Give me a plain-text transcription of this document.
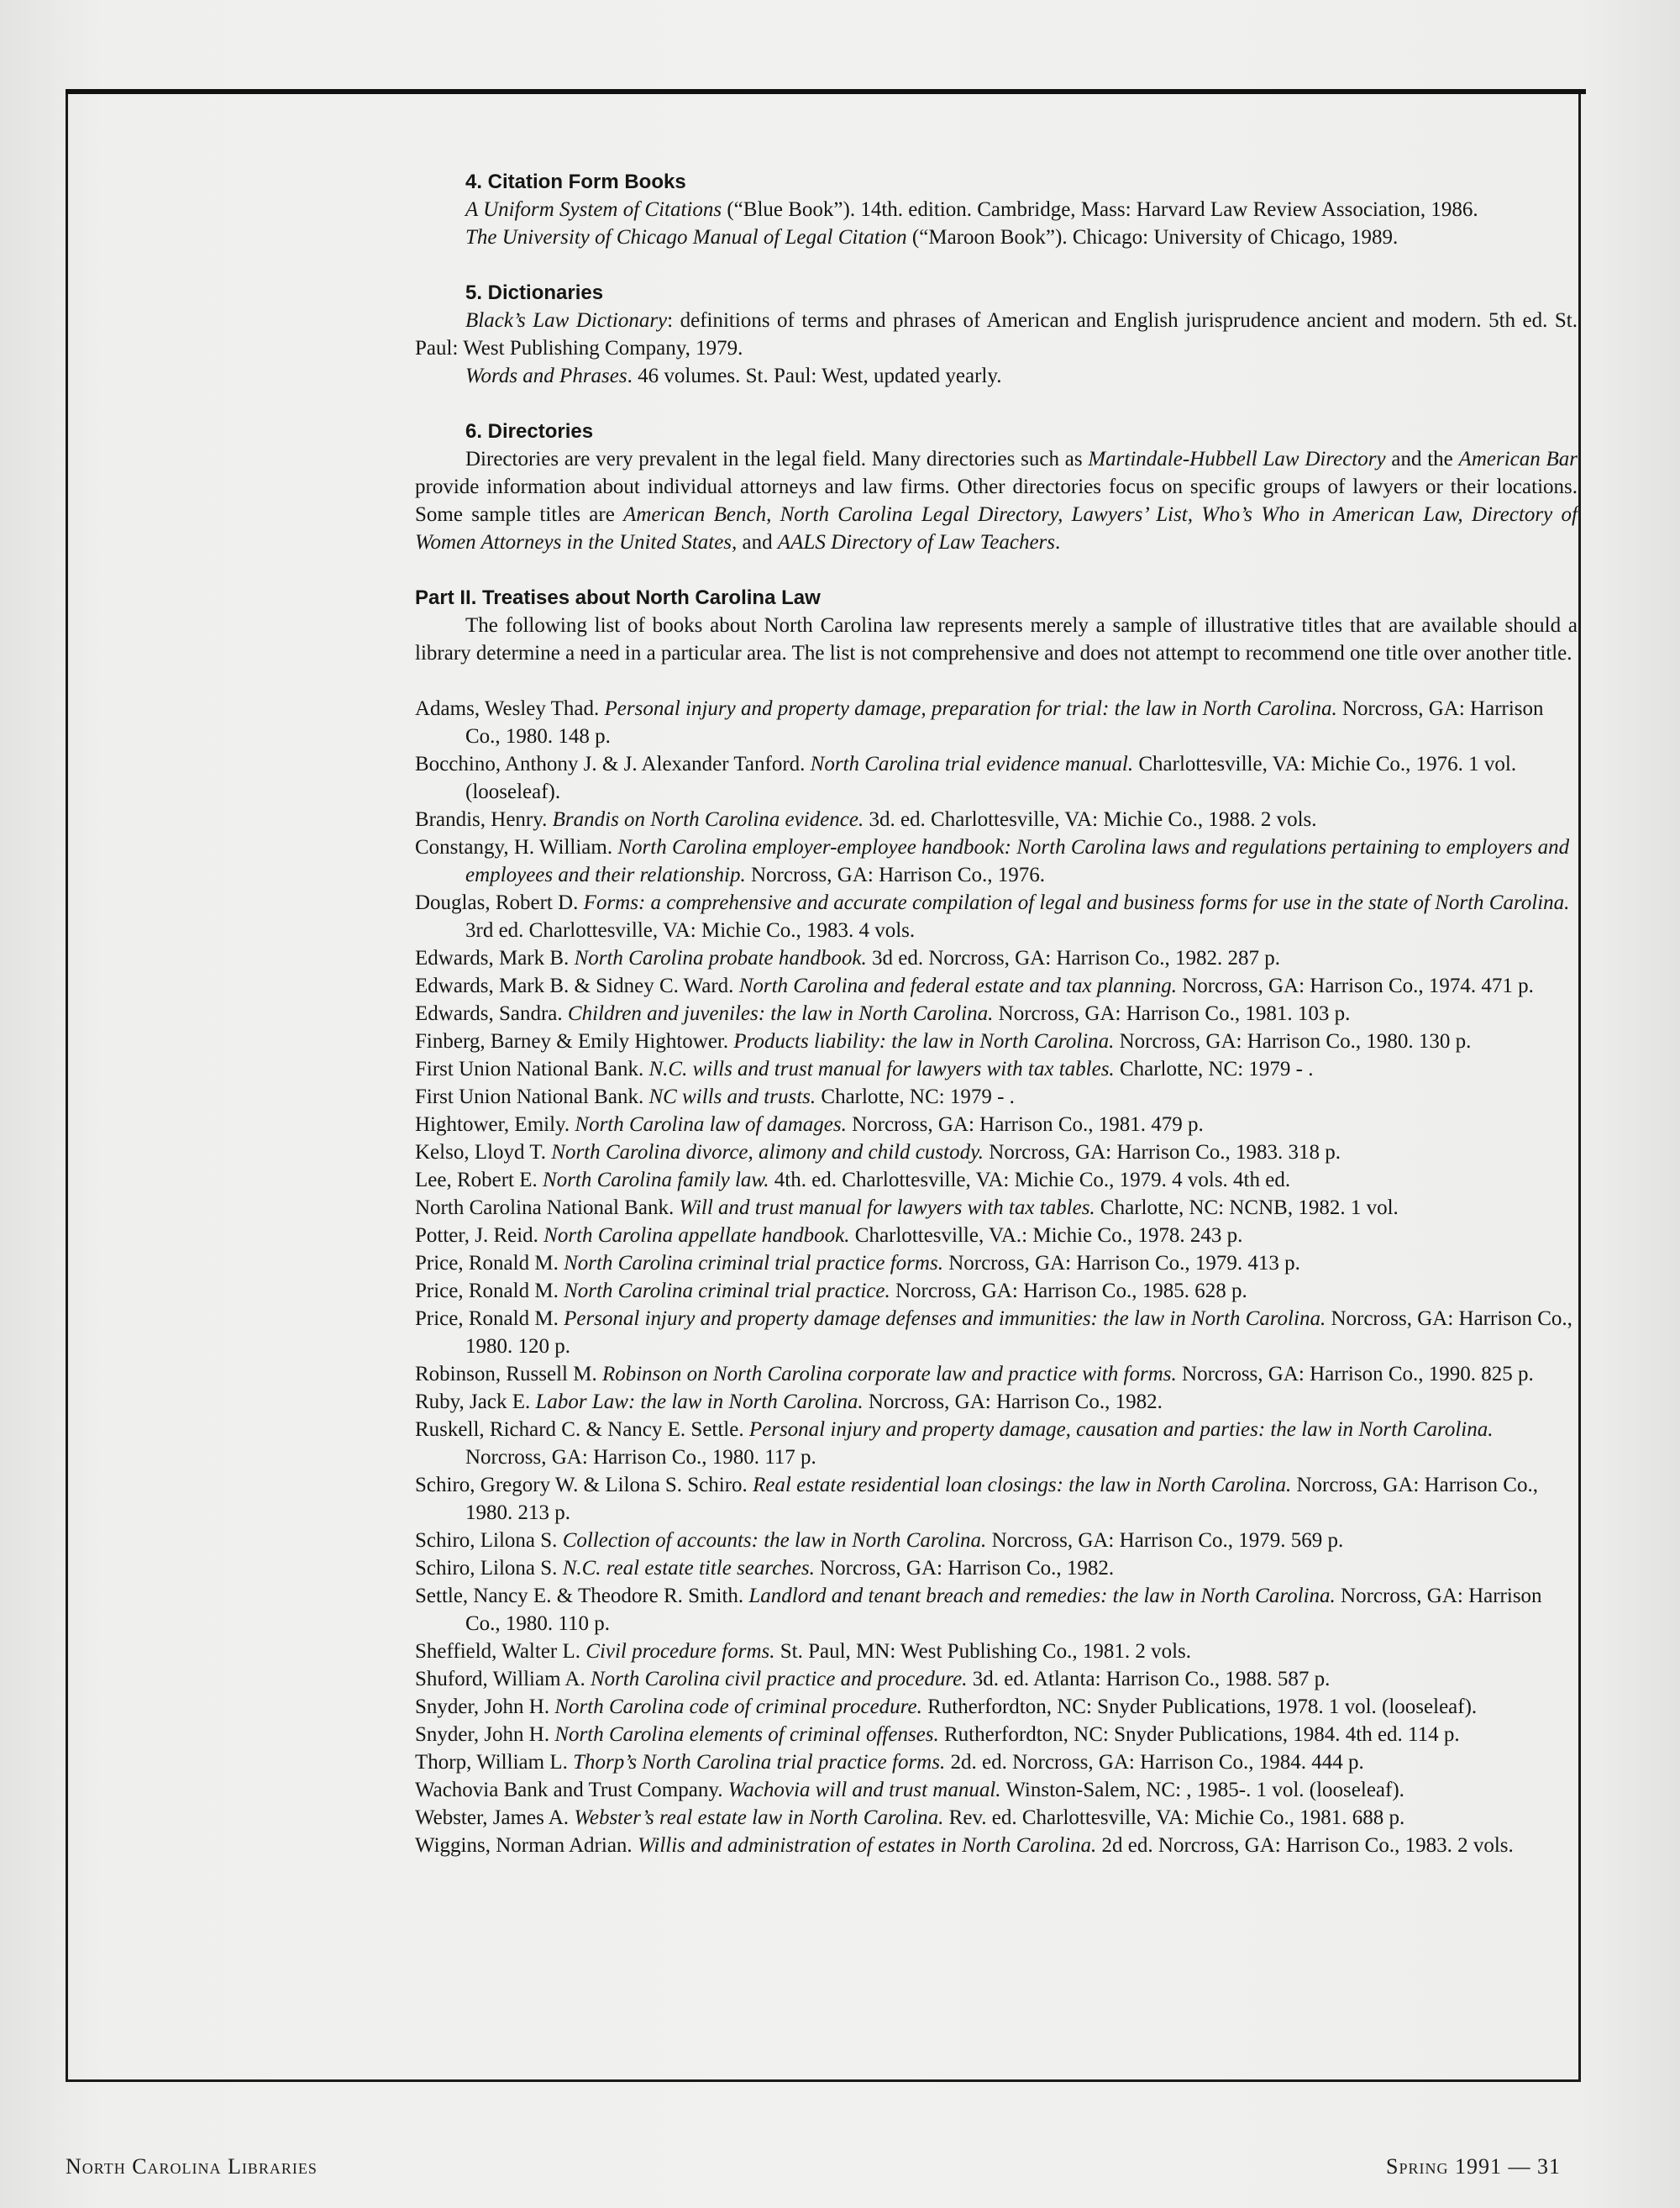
4. Citation Form Books

A Uniform System of Citations (“Blue Book”). 14th. edition. Cambridge, Mass: Harvard Law Review Association, 1986.

The University of Chicago Manual of Legal Citation (“Maroon Book”). Chicago: University of Chicago, 1989.

5. Dictionaries

Black’s Law Dictionary: definitions of terms and phrases of American and English jurisprudence ancient and modern. 5th ed. St. Paul: West Publishing Company, 1979.

Words and Phrases. 46 volumes. St. Paul: West, updated yearly.

6. Directories

Directories are very prevalent in the legal field. Many directories such as Martindale-Hubbell Law Directory and the American Bar provide information about individual attorneys and law firms. Other directories focus on specific groups of lawyers or their locations. Some sample titles are American Bench, North Carolina Legal Directory, Lawyers’ List, Who’s Who in American Law, Directory of Women Attorneys in the United States, and AALS Directory of Law Teachers.

Part II. Treatises about North Carolina Law

The following list of books about North Carolina law represents merely a sample of illustrative titles that are available should a library determine a need in a particular area. The list is not comprehensive and does not attempt to recommend one title over another title.

Adams, Wesley Thad. Personal injury and property damage, preparation for trial: the law in North Carolina. Norcross, GA: Harrison Co., 1980. 148 p.

Bocchino, Anthony J. & J. Alexander Tanford. North Carolina trial evidence manual. Charlottesville, VA: Michie Co., 1976. 1 vol. (looseleaf).

Brandis, Henry. Brandis on North Carolina evidence. 3d. ed. Charlottesville, VA: Michie Co., 1988. 2 vols.

Constangy, H. William. North Carolina employer-employee handbook: North Carolina laws and regulations pertaining to employers and employees and their relationship. Norcross, GA: Harrison Co., 1976.

Douglas, Robert D. Forms: a comprehensive and accurate compilation of legal and business forms for use in the state of North Carolina. 3rd ed. Charlottesville, VA: Michie Co., 1983. 4 vols.

Edwards, Mark B. North Carolina probate handbook. 3d ed. Norcross, GA: Harrison Co., 1982. 287 p.

Edwards, Mark B. & Sidney C. Ward. North Carolina and federal estate and tax planning. Norcross, GA: Harrison Co., 1974. 471 p.

Edwards, Sandra. Children and juveniles: the law in North Carolina. Norcross, GA: Harrison Co., 1981. 103 p.

Finberg, Barney & Emily Hightower. Products liability: the law in North Carolina. Norcross, GA: Harrison Co., 1980. 130 p.

First Union National Bank. N.C. wills and trust manual for lawyers with tax tables. Charlotte, NC: 1979 - .

First Union National Bank. NC wills and trusts. Charlotte, NC: 1979 - .

Hightower, Emily. North Carolina law of damages. Norcross, GA: Harrison Co., 1981. 479 p.

Kelso, Lloyd T. North Carolina divorce, alimony and child custody. Norcross, GA: Harrison Co., 1983. 318 p.

Lee, Robert E. North Carolina family law. 4th. ed. Charlottesville, VA: Michie Co., 1979. 4 vols. 4th ed.

North Carolina National Bank. Will and trust manual for lawyers with tax tables. Charlotte, NC: NCNB, 1982. 1 vol.

Potter, J. Reid. North Carolina appellate handbook. Charlottesville, VA.: Michie Co., 1978. 243 p.

Price, Ronald M. North Carolina criminal trial practice forms. Norcross, GA: Harrison Co., 1979. 413 p.

Price, Ronald M. North Carolina criminal trial practice. Norcross, GA: Harrison Co., 1985. 628 p.

Price, Ronald M. Personal injury and property damage defenses and immunities: the law in North Carolina. Norcross, GA: Harrison Co., 1980. 120 p.

Robinson, Russell M. Robinson on North Carolina corporate law and practice with forms. Norcross, GA: Harrison Co., 1990. 825 p.

Ruby, Jack E. Labor Law: the law in North Carolina. Norcross, GA: Harrison Co., 1982.

Ruskell, Richard C. & Nancy E. Settle. Personal injury and property damage, causation and parties: the law in North Carolina. Norcross, GA: Harrison Co., 1980. 117 p.

Schiro, Gregory W. & Lilona S. Schiro. Real estate residential loan closings: the law in North Carolina. Norcross, GA: Harrison Co., 1980. 213 p.

Schiro, Lilona S. Collection of accounts: the law in North Carolina. Norcross, GA: Harrison Co., 1979. 569 p.

Schiro, Lilona S. N.C. real estate title searches. Norcross, GA: Harrison Co., 1982.

Settle, Nancy E. & Theodore R. Smith. Landlord and tenant breach and remedies: the law in North Carolina. Norcross, GA: Harrison Co., 1980. 110 p.

Sheffield, Walter L. Civil procedure forms. St. Paul, MN: West Publishing Co., 1981. 2 vols.

Shuford, William A. North Carolina civil practice and procedure. 3d. ed. Atlanta: Harrison Co., 1988. 587 p.

Snyder, John H. North Carolina code of criminal procedure. Rutherfordton, NC: Snyder Publications, 1978. 1 vol. (looseleaf).

Snyder, John H. North Carolina elements of criminal offenses. Rutherfordton, NC: Snyder Publications, 1984. 4th ed. 114 p.

Thorp, William L. Thorp’s North Carolina trial practice forms. 2d. ed. Norcross, GA: Harrison Co., 1984. 444 p.

Wachovia Bank and Trust Company. Wachovia will and trust manual. Winston-Salem, NC: , 1985-. 1 vol. (looseleaf).

Webster, James A. Webster’s real estate law in North Carolina. Rev. ed. Charlottesville, VA: Michie Co., 1981. 688 p.

Wiggins, Norman Adrian. Willis and administration of estates in North Carolina. 2d ed. Norcross, GA: Harrison Co., 1983. 2 vols.

North Carolina Libraries	Spring 1991 — 31
